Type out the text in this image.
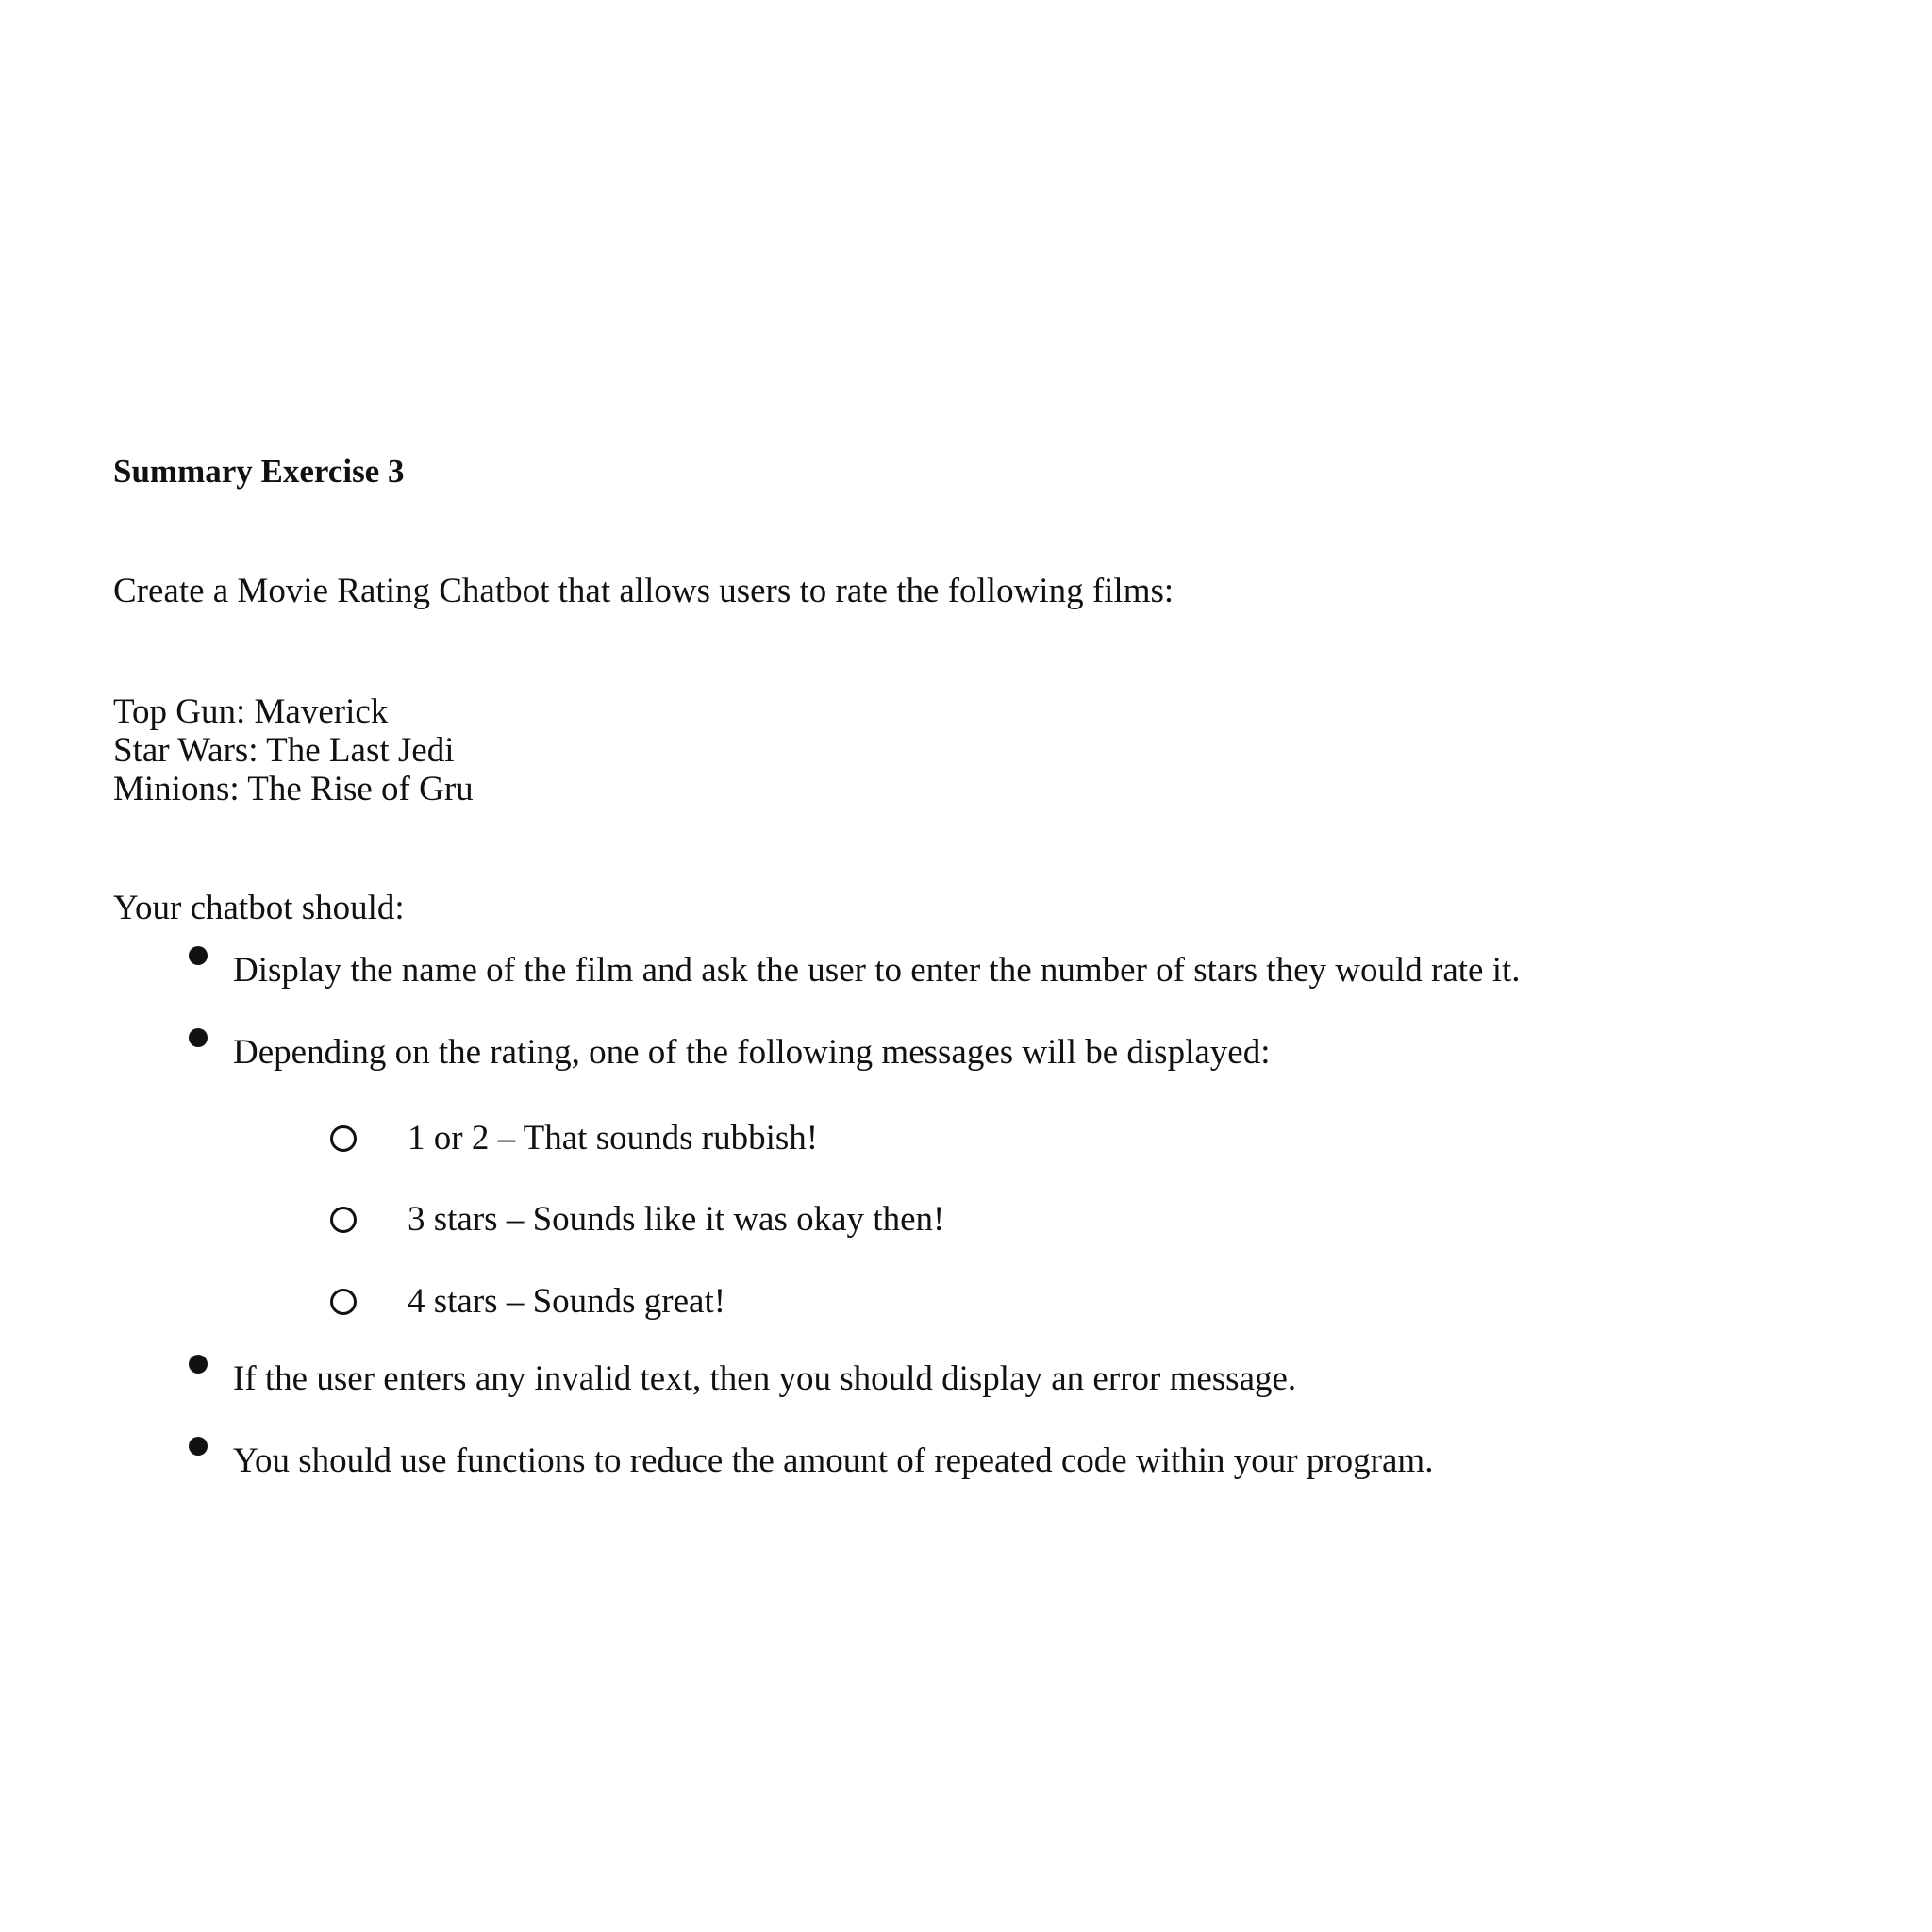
Summary Exercise 3
Create a Movie Rating Chatbot that allows users to rate the following films:
Top Gun: Maverick
Star Wars: The Last Jedi
Minions: The Rise of Gru
Your chatbot should:
Display the name of the film and ask the user to enter the number of stars they would rate it.
Depending on the rating, one of the following messages will be displayed:
1 or 2 – That sounds rubbish!
3 stars – Sounds like it was okay then!
4 stars – Sounds great!
If the user enters any invalid text, then you should display an error message.
You should use functions to reduce the amount of repeated code within your program.
